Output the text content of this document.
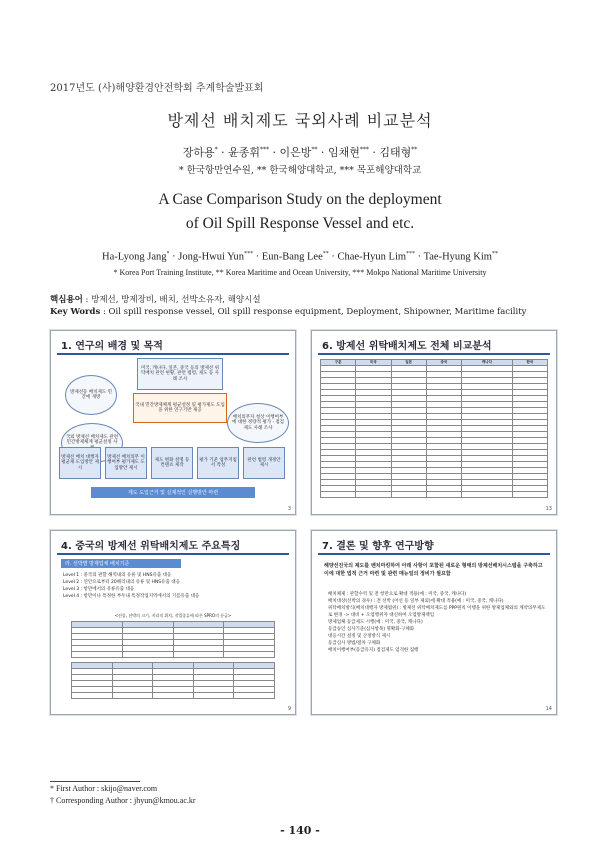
2017년도 (사)해양환경안전학회 추계학술발표회
방제선 배치제도 국외사례 비교분석
장하용* · 윤종휘*** · 이은방** · 임채현*** · 김태형**
* 한국항만연수원, ** 한국해양대학교, *** 목포해양대학교
A Case Comparison Study on the deployment
of Oil Spill Response Vessel and etc.
Ha-Lyong Jang* · Jong-Hwui Yun*** · Eun-Bang Lee** · Chae-Hyun Lim*** · Tae-Hyung Kim**
* Korea Port Training Institute, ** Korea Maritime and Ocean University, *** Mokpo National Maritime University
핵심용어 : 방제선, 방제장비, 배치, 선박소유자, 해양시설
Key Words : Oil spill response vessel, Oil spill response equipment, Deployment, Shipowner, Maritime facility
1. 연구의 배경 및 목적
미국, 캐나다, 일본, 중국 등의 방제선 위탁배치 관련 현황, 관련 법령, 제도 등 사례 조사
방제선등 배치제도 민간에 개방
국내 민간방제체계 평균설정 및 평가제도 도입을 위한 연구기반 제공
국외 방제선 배치제도 관련 민간방제체계 평균설정 사
배치의무자 청상 이행여부에 대한 정량적 평가 · 점검제도 사례 조사
방제선 배치 대행자 평균제 도입방안 제시
방제선 배치의무 이행여부 평가제도 도입방안 제시
제도 변화 설명 등 컨텐츠 제작
평가 기준 업무지침서 작성
관련 법령 개정안 제시
제도 도입근거 및 실제적인 실행방안 마련
3
6. 방제선 위탁배치제도 전체 비교분석
구분	미국	일본	중국	캐나다	한국

13
4. 중국의 방제선 위탁배치제도 주요특징
라. 선박별 방제업체 배치기준
Level 1 : 중국의 관할 해역내의 유류 및 HNS유출 대응
Level 2 : 연안으로부터 20해리내의 유류 및 HNS유출 대응
Level 3 : 항만에서의 유류유출 대응
Level 4 : 항만이나 특정한 부두내 특정작업지역에서의 기름유출 대응
<선종, 선박의 크기, 지리적 위치, 작업종류에 따른 SPRO의 등급>

9
7. 결론 및 향후 연구방향
해양선진국의 제도를 벤치마킹하여 아래 사항이 포함된 새로운 형태의 방제선배치시스템을 구축하고 이에 대한 법적 근거 마련 및 관련 매뉴얼의 정비가 필요함
배치체제 : 관할수역 및 전 항만으로 확대 적용(예 : 미국, 중국, 캐나다)
배치대상(선박의 경우) : 전 선박 (어선 등 일부 제외)에 확대 적용(예 : 미국, 중국, 캐나다)
위탁배치방식(배치대행자 방제범위) : 방제선 위탁배치제도를 PPP원칙 이행을 위한 방제업체와의 계약의무제도로 변경 -> 대비 + 오염행위자 대신하여 오염방제책임
방제업체 등급제도 시행(예 : 미국, 중국, 캐나다)
등급승인 심사기준(심사항목) 명확화·구체화
대응시간 설정 및 산정방식 제시
등급심사 방법/절차 구체화
배치이행여부(등급유지) 점검제도 엄격한 집행
14
* First Author : skijo@naver.com
† Corresponding Author : jhyun@kmou.ac.kr
- 140 -
